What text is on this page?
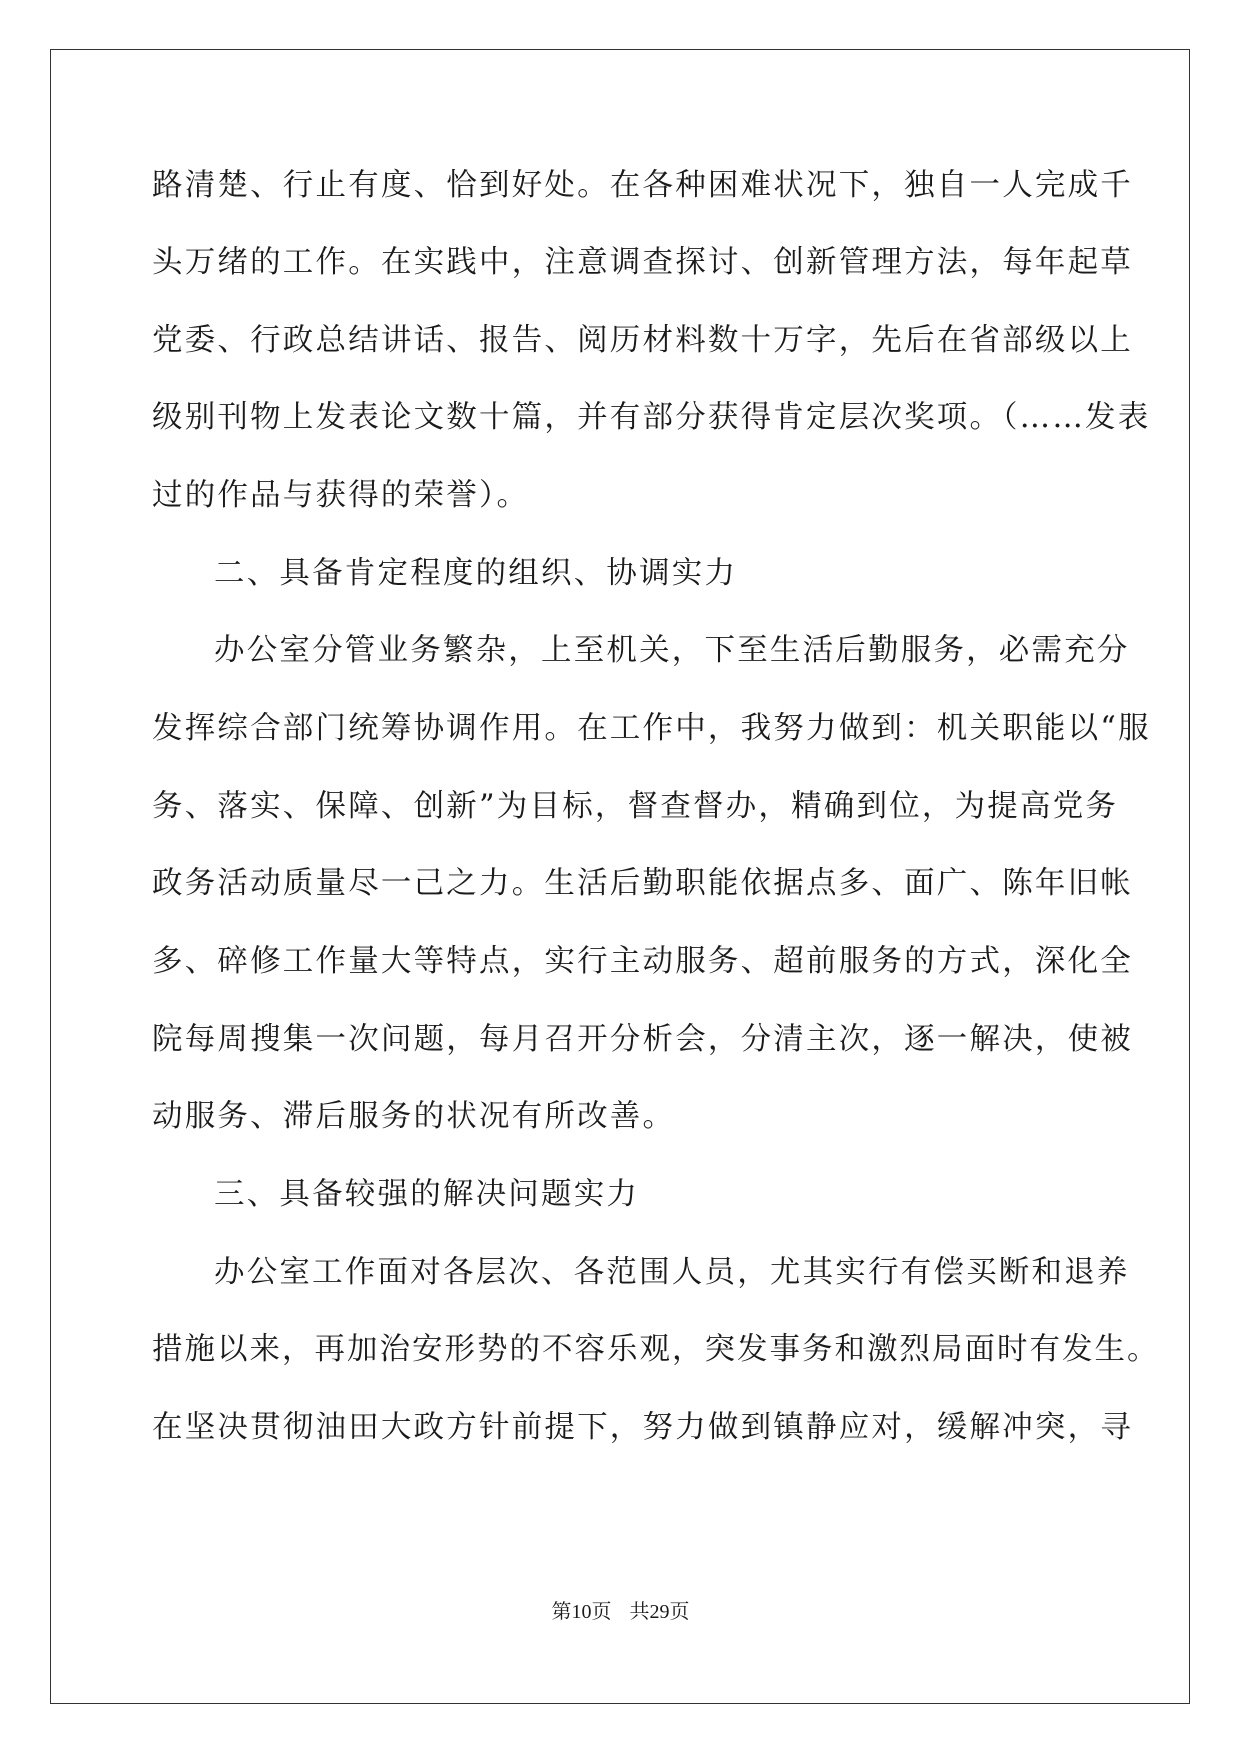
路清楚、行止有度、恰到好处。在各种困难状况下，独自一人完成千
头万绪的工作。在实践中，注意调查探讨、创新管理方法，每年起草
党委、行政总结讲话、报告、阅历材料数十万字，先后在省部级以上
级别刊物上发表论文数十篇，并有部分获得肯定层次奖项。（……发表
过的作品与获得的荣誉）。
二、具备肯定程度的组织、协调实力
办公室分管业务繁杂，上至机关，下至生活后勤服务，必需充分
发挥综合部门统筹协调作用。在工作中，我努力做到：机关职能以“服
务、落实、保障、创新”为目标，督查督办，精确到位，为提高党务
政务活动质量尽一己之力。生活后勤职能依据点多、面广、陈年旧帐
多、碎修工作量大等特点，实行主动服务、超前服务的方式，深化全
院每周搜集一次问题，每月召开分析会，分清主次，逐一解决，使被
动服务、滞后服务的状况有所改善。
三、具备较强的解决问题实力
办公室工作面对各层次、各范围人员，尤其实行有偿买断和退养
措施以来，再加治安形势的不容乐观，突发事务和激烈局面时有发生。
在坚决贯彻油田大政方针前提下，努力做到镇静应对，缓解冲突，寻
第10页 共29页
